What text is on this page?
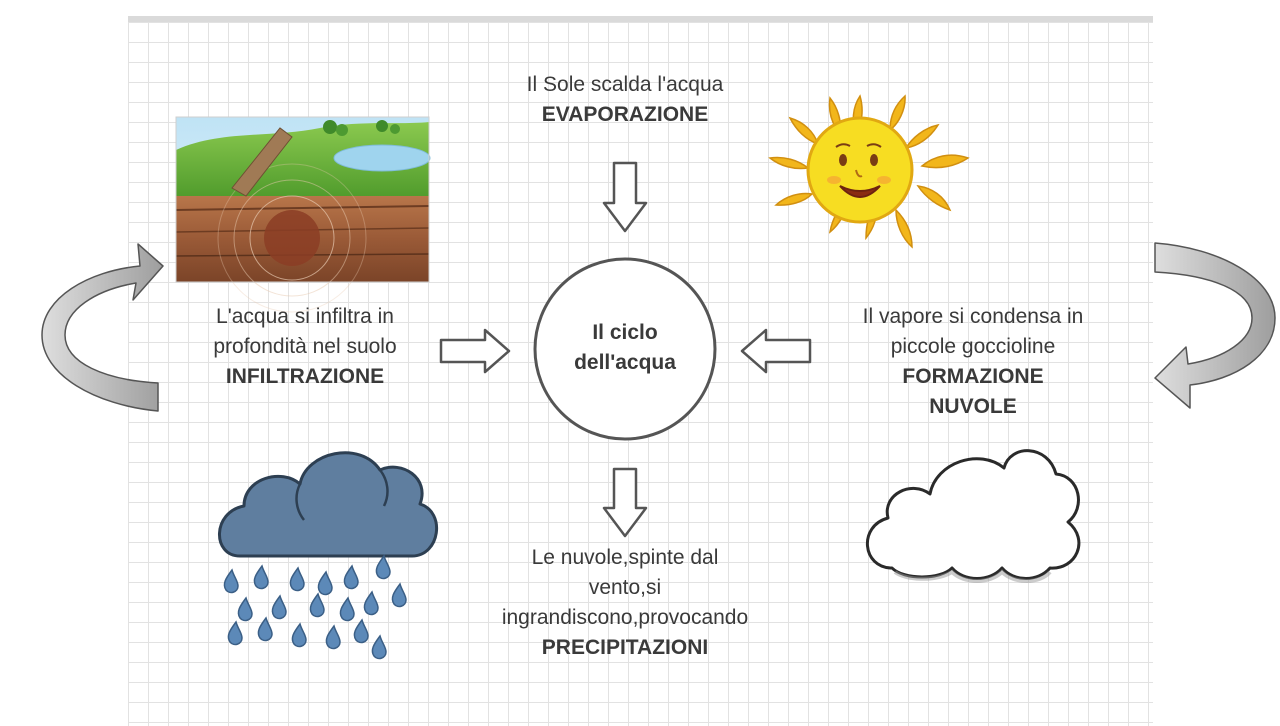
Il Sole scalda l'acqua
EVAPORAZIONE
L'acqua si infiltra in
profondità nel suolo
INFILTRAZIONE
Il vapore si condensa in
piccole goccioline
FORMAZIONE
NUVOLE
Le nuvole,spinte dal
vento,si
ingrandiscono,provocando
PRECIPITAZIONI
Il ciclo
dell'acqua
